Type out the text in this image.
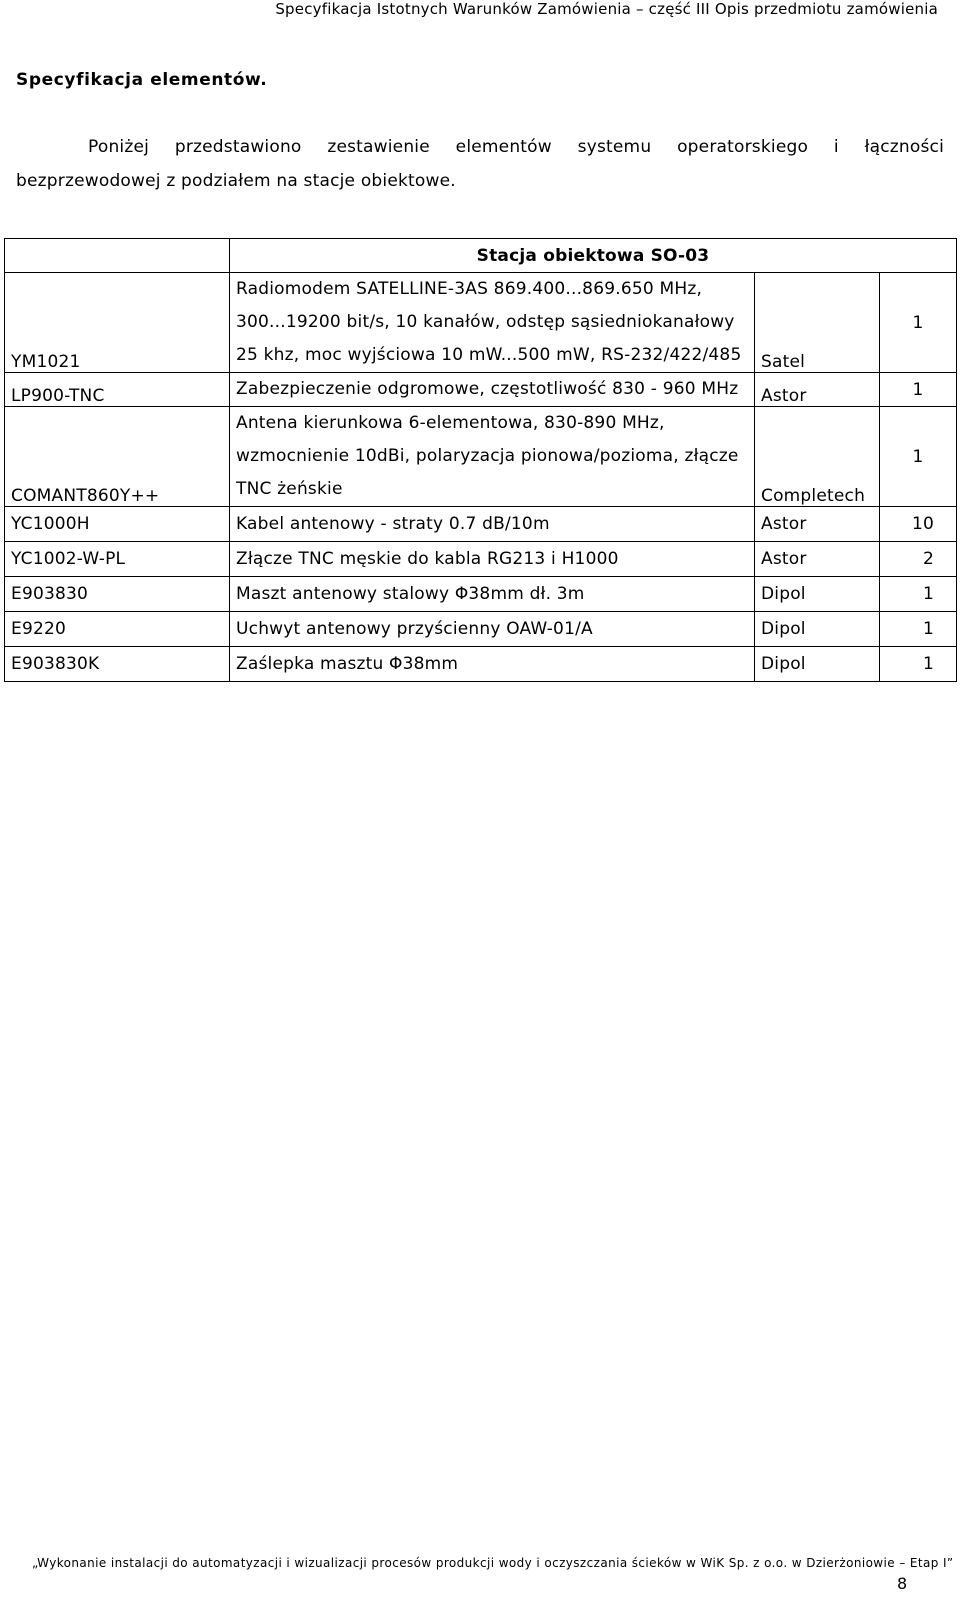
Specyfikacja Istotnych Warunków Zamówienia – część III Opis przedmiotu zamówienia
Specyfikacja elementów.

Poniżej przedstawiono zestawienie elementów systemu operatorskiego i łączności bezprzewodowej z podziałem na stacje obiektowe.

	Stacja obiektowa SO-03		
YM1021	Radiomodem SATELLINE-3AS 869.400...869.650 MHz, 300...19200 bit/s, 10 kanałów, odstęp sąsiedniokanałowy 25 khz, moc wyjściowa 10 mW...500 mW, RS-232/422/485	Satel	1
LP900-TNC	Zabezpieczenie odgromowe, częstotliwość 830 - 960 MHz	Astor	1
COMANT860Y++	Antena kierunkowa 6-elementowa, 830-890 MHz, wzmocnienie 10dBi, polaryzacja pionowa/pozioma, złącze TNC żeńskie	Completech	1
YC1000H	Kabel antenowy - straty 0.7 dB/10m	Astor	10
YC1002-W-PL	Złącze TNC męskie do kabla RG213 i H1000	Astor	2
E903830	Maszt antenowy stalowy Φ38mm dł. 3m	Dipol	1
E9220	Uchwyt antenowy przyścienny OAW-01/A	Dipol	1
E903830K	Zaślepka masztu Φ38mm	Dipol	1
„Wykonanie instalacji do automatyzacji i wizualizacji procesów produkcji wody i oczyszczania ścieków w WiK Sp. z o.o. w Dzierżoniowie – Etap I”
8
